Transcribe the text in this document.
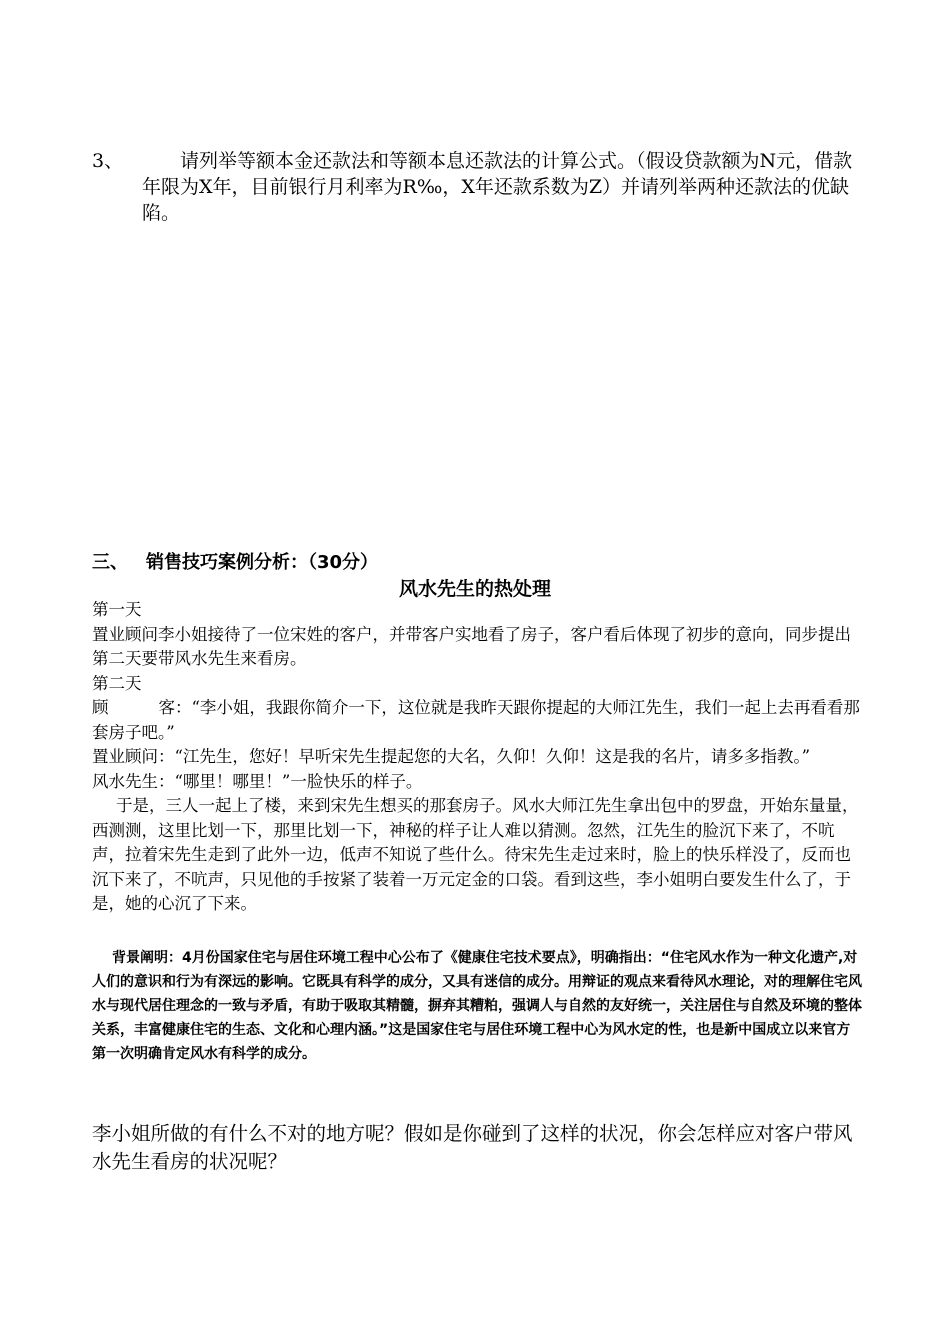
3、	请列举等额本金还款法和等额本息还款法的计算公式。（假设贷款额为N元，借款年限为X年，目前银行月利率为R‰，X年还款系数为Z）并请列举两种还款法的优缺陷。

三、 销售技巧案例分析：（30分）
风水先生的热处理

第一天

置业顾问李小姐接待了一位宋姓的客户，并带客户实地看了房子，客户看后体现了初步的意向，同步提出第二天要带风水先生来看房。

第二天

顾	客：“李小姐，我跟你简介一下，这位就是我昨天跟你提起的大师江先生，我们一起上去再看看那套房子吧。”

置业顾问：“江先生，您好！早听宋先生提起您的大名，久仰！久仰！这是我的名片，请多多指教。”

风水先生：“哪里！哪里！”一脸快乐的样子。

于是，三人一起上了楼，来到宋先生想买的那套房子。风水大师江先生拿出包中的罗盘，开始东量量，西测测，这里比划一下，那里比划一下，神秘的样子让人难以猜测。忽然，江先生的脸沉下来了，不吭声，拉着宋先生走到了此外一边，低声不知说了些什么。待宋先生走过来时，脸上的快乐样没了，反而也沉下来了，不吭声，只见他的手按紧了装着一万元定金的口袋。看到这些，李小姐明白要发生什么了，于是，她的心沉了下来。

背景阐明：4月份国家住宅与居住环境工程中心公布了《健康住宅技术要点》，明确指出：“住宅风水作为一种文化遗产,对人们的意识和行为有深远的影响。它既具有科学的成分，又具有迷信的成分。用辩证的观点来看待风水理论，对的理解住宅风水与现代居住理念的一致与矛盾，有助于吸取其精髓，摒弃其糟粕，强调人与自然的友好统一，关注居住与自然及环境的整体关系，丰富健康住宅的生态、文化和心理内涵。”这是国家住宅与居住环境工程中心为风水定的性，也是新中国成立以来官方第一次明确肯定风水有科学的成分。

李小姐所做的有什么不对的地方呢？假如是你碰到了这样的状况，你会怎样应对客户带风水先生看房的状况呢？
